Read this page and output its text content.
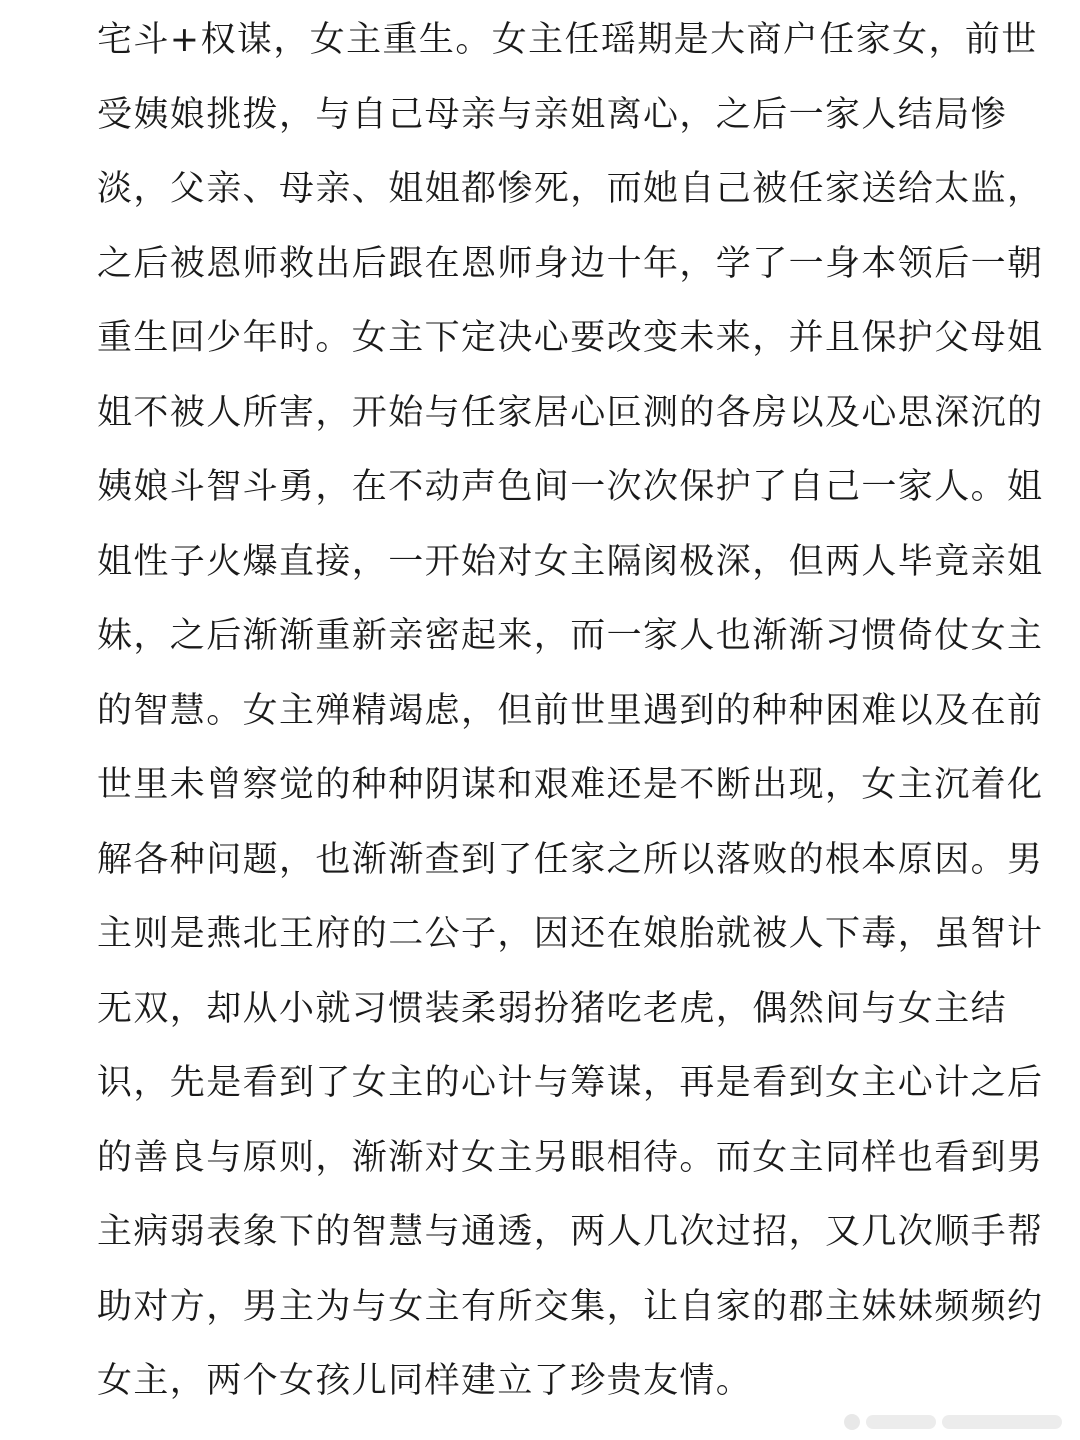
宅斗+权谋，女主重生。女主任瑶期是大商户任家女，前世
受姨娘挑拨，与自己母亲与亲姐离心，之后一家人结局惨
淡，父亲、母亲、姐姐都惨死，而她自己被任家送给太监，
之后被恩师救出后跟在恩师身边十年，学了一身本领后一朝
重生回少年时。女主下定决心要改变未来，并且保护父母姐
姐不被人所害，开始与任家居心叵测的各房以及心思深沉的
姨娘斗智斗勇，在不动声色间一次次保护了自己一家人。姐
姐性子火爆直接，一开始对女主隔阂极深，但两人毕竟亲姐
妹，之后渐渐重新亲密起来，而一家人也渐渐习惯倚仗女主
的智慧。女主殚精竭虑，但前世里遇到的种种困难以及在前
世里未曾察觉的种种阴谋和艰难还是不断出现，女主沉着化
解各种问题，也渐渐查到了任家之所以落败的根本原因。男
主则是燕北王府的二公子，因还在娘胎就被人下毒，虽智计
无双，却从小就习惯装柔弱扮猪吃老虎，偶然间与女主结
识，先是看到了女主的心计与筹谋，再是看到女主心计之后
的善良与原则，渐渐对女主另眼相待。而女主同样也看到男
主病弱表象下的智慧与通透，两人几次过招，又几次顺手帮
助对方，男主为与女主有所交集，让自家的郡主妹妹频频约
女主，两个女孩儿同样建立了珍贵友情。
